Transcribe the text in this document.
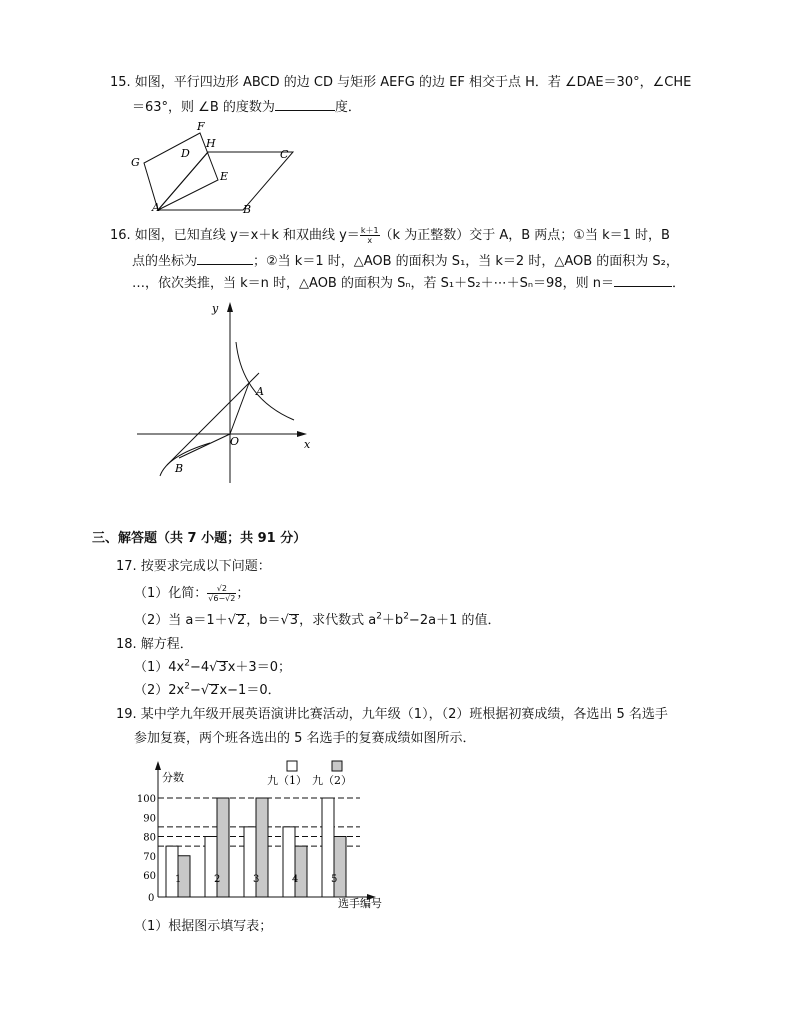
15. 如图，平行四边形 ABCD 的边 CD 与矩形 AEFG 的边 EF 相交于点 H．若 ∠DAE＝30°，∠CHE
＝63°，则 ∠B 的度数为	度．
F
H
D	C
G
E
A	B
16. 如图，已知直线 y＝x＋k 和双曲线 $y= \frac{k+1}{x} (k$ 为正整数）交于 A，B 两点；①当 k＝1 时，B
点的坐标为	；②当 k＝1 时，△AOB 的面积为 S₁，当 k＝2 时，△AOB 的面积为 S₂，
…，依次类推，当 k＝n 时，△AOB 的面积为 Sₙ，若 S₁＋S₂＋⋯＋Sₙ＝98，则 n＝	．
y
x
O
A
B
三、解答题（共 7 小题；共 91 分）
17. 按要求完成以下问题：
（1）化简： $\frac{√2}{√6-√2}$ ；
（2）当 a＝1＋√2，b＝√3，求代数式 $a^2+b^2-2a+1$ 的值．
18. 解方程．
$(1)4x^2-4√3x+3=0$；
$(2)2x^2-√2x-1=0$．
19. 某中学九年级开展英语演讲比赛活动，九年级（1），（2）班根据初赛成绩，各选出 5 名选手
参加复赛，两个班各选出的 5 名选手的复赛成绩如图所示．
1	2	3	4	5
100
90
80
70
60
0
分数
选手编号
九（1） 九（2）
（1）根据图示填写表；
